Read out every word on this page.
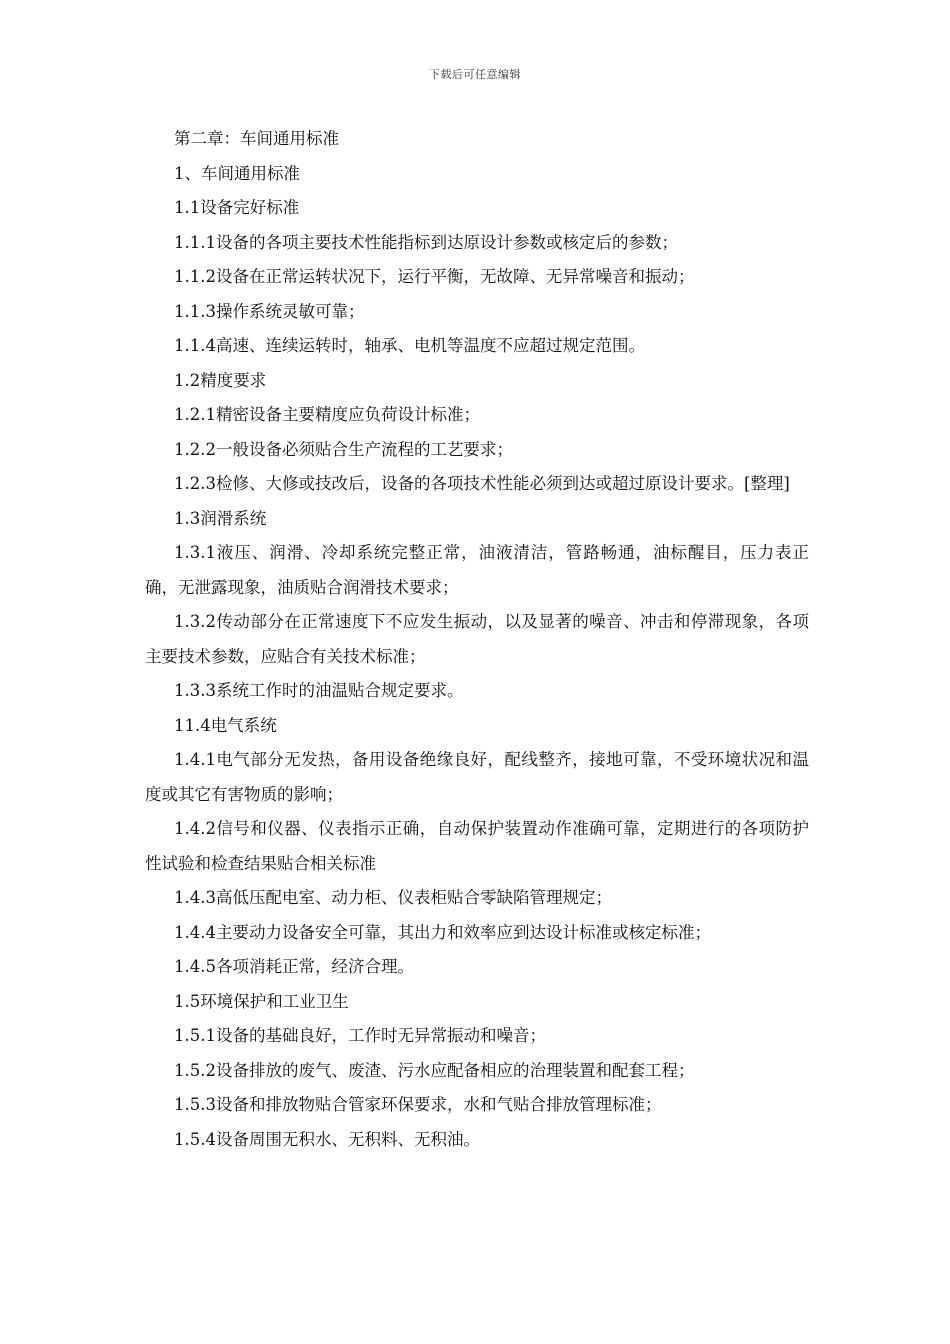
下载后可任意编辑

第二章：车间通用标准

1、车间通用标准

1.1设备完好标准

1.1.1设备的各项主要技术性能指标到达原设计参数或核定后的参数；

1.1.2设备在正常运转状况下，运行平衡，无故障、无异常噪音和振动；

1.1.3操作系统灵敏可靠；

1.1.4高速、连续运转时，轴承、电机等温度不应超过规定范围。

1.2精度要求

1.2.1精密设备主要精度应负荷设计标准；

1.2.2一般设备必须贴合生产流程的工艺要求；

1.2.3检修、大修或技改后，设备的各项技术性能必须到达或超过原设计要求。[整理]

1.3润滑系统

1.3.1液压、润滑、冷却系统完整正常，油液清洁，管路畅通，油标醒目，压力表正确，无泄露现象，油质贴合润滑技术要求；

1.3.2传动部分在正常速度下不应发生振动，以及显著的噪音、冲击和停滞现象，各项主要技术参数，应贴合有关技术标准；

1.3.3系统工作时的油温贴合规定要求。

11.4电气系统

1.4.1电气部分无发热，备用设备绝缘良好，配线整齐，接地可靠，不受环境状况和温度或其它有害物质的影响；

1.4.2信号和仪器、仪表指示正确，自动保护装置动作准确可靠，定期进行的各项防护性试验和检查结果贴合相关标准

1.4.3高低压配电室、动力柜、仪表柜贴合零缺陷管理规定；

1.4.4主要动力设备安全可靠，其出力和效率应到达设计标准或核定标准；

1.4.5各项消耗正常，经济合理。

1.5环境保护和工业卫生

1.5.1设备的基础良好，工作时无异常振动和噪音；

1.5.2设备排放的废气、废渣、污水应配备相应的治理装置和配套工程；

1.5.3设备和排放物贴合管家环保要求，水和气贴合排放管理标准；

1.5.4设备周围无积水、无积料、无积油。
